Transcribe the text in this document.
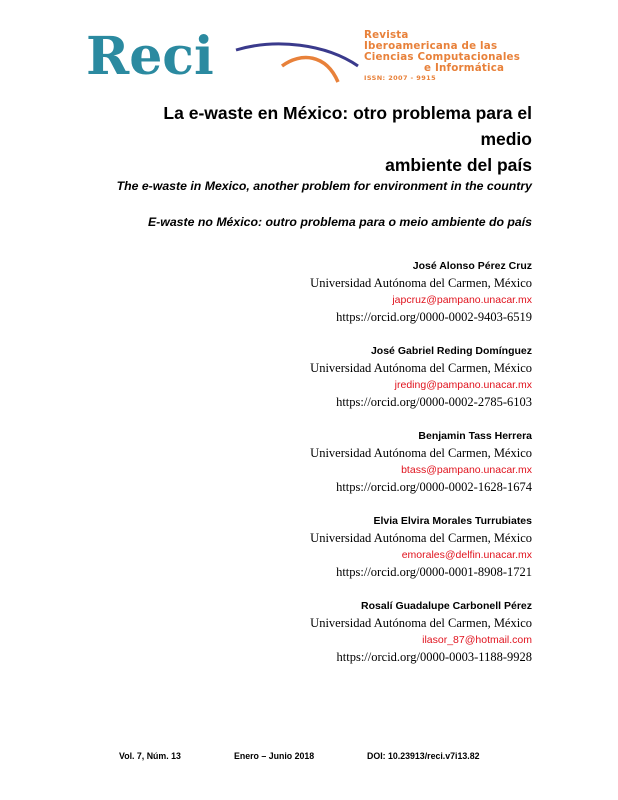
Reci	Revista
Iberoamericana de las
Ciencias Computacionales
e Informática
ISSN: 2007 - 9915
La e-waste en México: otro problema para el medio
ambiente del país
The e-waste in Mexico, another problem for environment in the country
E-waste no México: outro problema para o meio ambiente do país
José Alonso Pérez Cruz
Universidad Autónoma del Carmen, México
japcruz@pampano.unacar.mx
https://orcid.org/0000-0002-9403-6519
José Gabriel Reding Domínguez
Universidad Autónoma del Carmen, México
jreding@pampano.unacar.mx
https://orcid.org/0000-0002-2785-6103
Benjamin Tass Herrera
Universidad Autónoma del Carmen, México
btass@pampano.unacar.mx
https://orcid.org/0000-0002-1628-1674
Elvia Elvira Morales Turrubiates
Universidad Autónoma del Carmen, México
emorales@delfin.unacar.mx
https://orcid.org/0000-0001-8908-1721
Rosalí Guadalupe Carbonell Pérez
Universidad Autónoma del Carmen, México
ilasor_87@hotmail.com
https://orcid.org/0000-0003-1188-9928
Vol. 7, Núm. 13	Enero – Junio 2018	DOI: 10.23913/reci.v7i13.82
